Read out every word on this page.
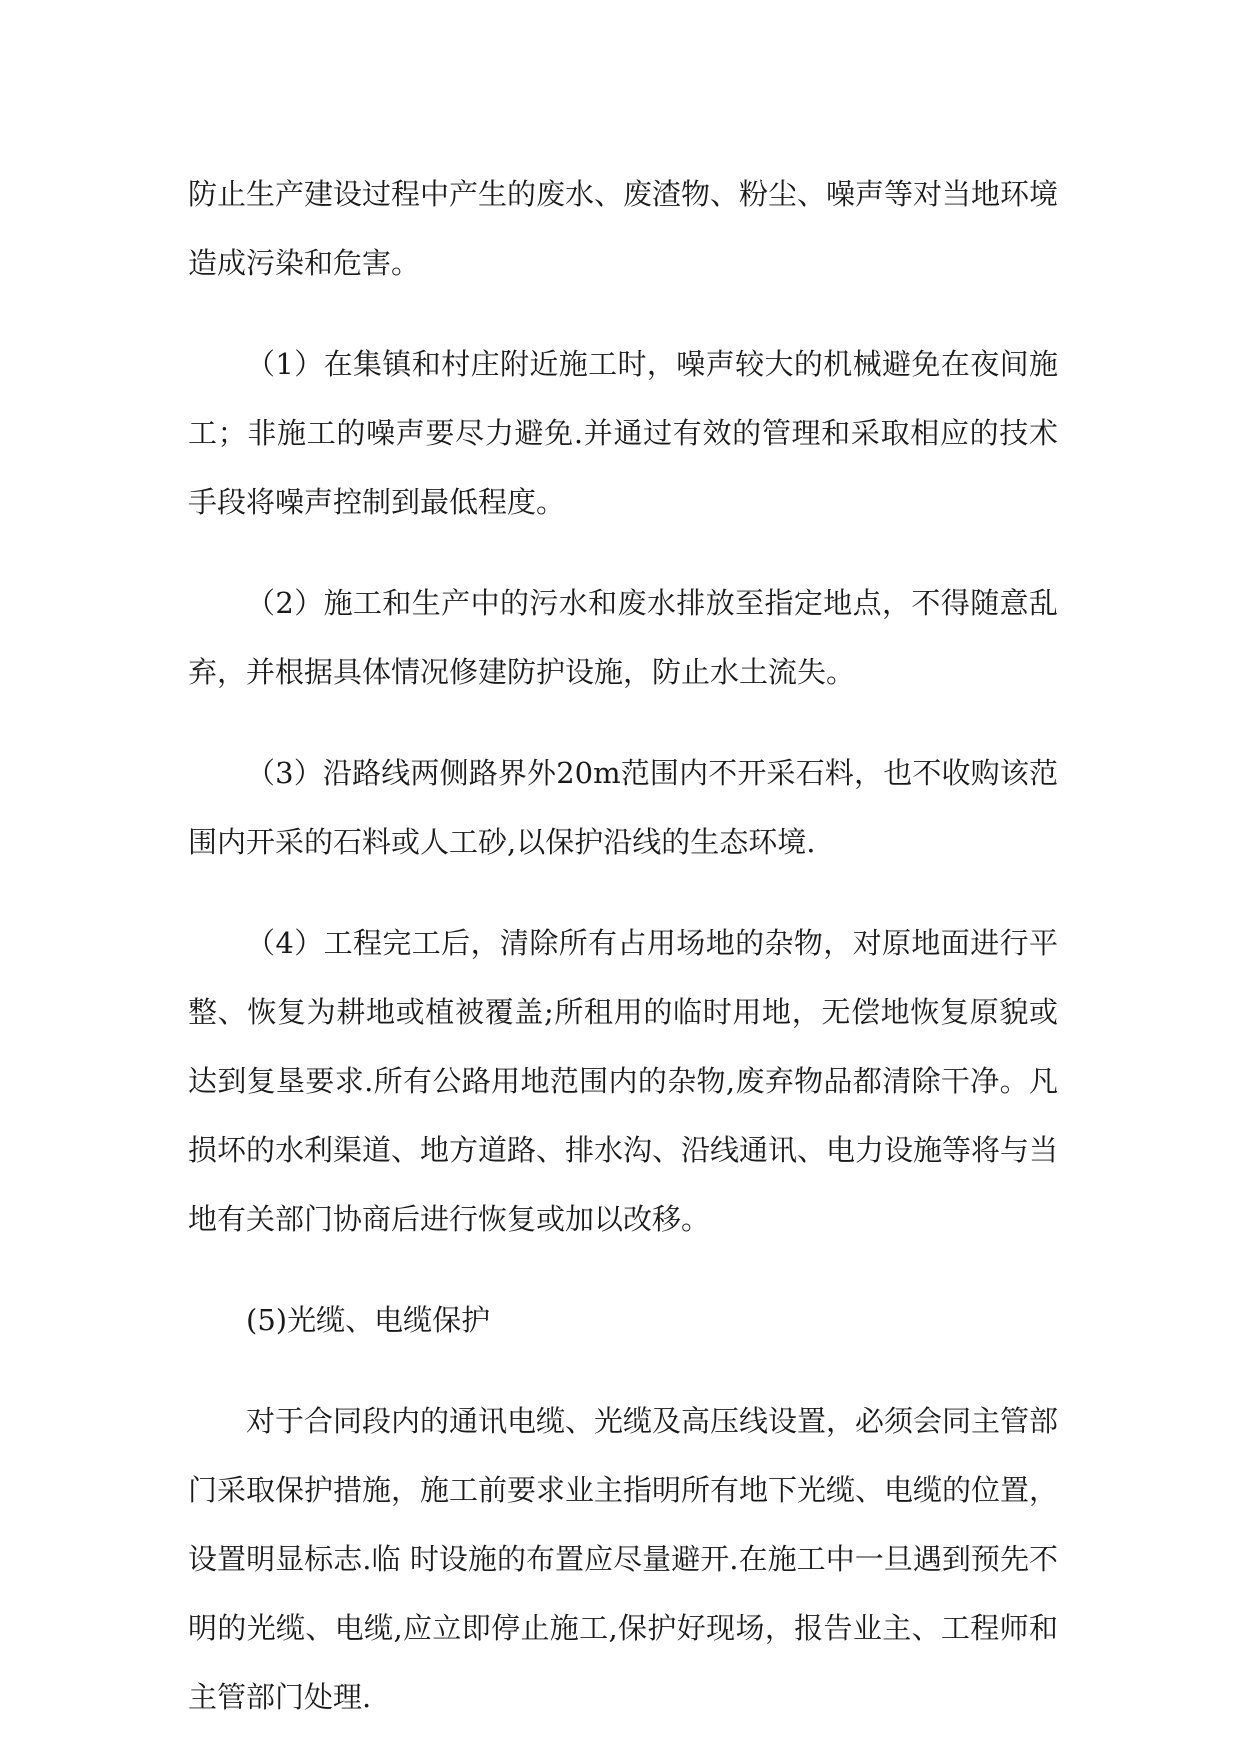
防止生产建设过程中产生的废水、废渣物、粉尘、噪声等对当地环境造成污染和危害。

（1）在集镇和村庄附近施工时，噪声较大的机械避免在夜间施工；非施工的噪声要尽力避免.并通过有效的管理和采取相应的技术手段将噪声控制到最低程度。

（2）施工和生产中的污水和废水排放至指定地点，不得随意乱弃，并根据具体情况修建防护设施，防止水土流失。

（3）沿路线两侧路界外20m范围内不开采石料，也不收购该范围内开采的石料或人工砂,以保护沿线的生态环境.

（4）工程完工后，清除所有占用场地的杂物，对原地面进行平整、恢复为耕地或植被覆盖;所租用的临时用地，无偿地恢复原貌或达到复垦要求.所有公路用地范围内的杂物,废弃物品都清除干净。凡损坏的水利渠道、地方道路、排水沟、沿线通讯、电力设施等将与当地有关部门协商后进行恢复或加以改移。

(5)光缆、电缆保护

对于合同段内的通讯电缆、光缆及高压线设置，必须会同主管部门采取保护措施，施工前要求业主指明所有地下光缆、电缆的位置，设置明显标志.临 时设施的布置应尽量避开.在施工中一旦遇到预先不明的光缆、电缆,应立即停止施工,保护好现场，报告业主、工程师和主管部门处理.
